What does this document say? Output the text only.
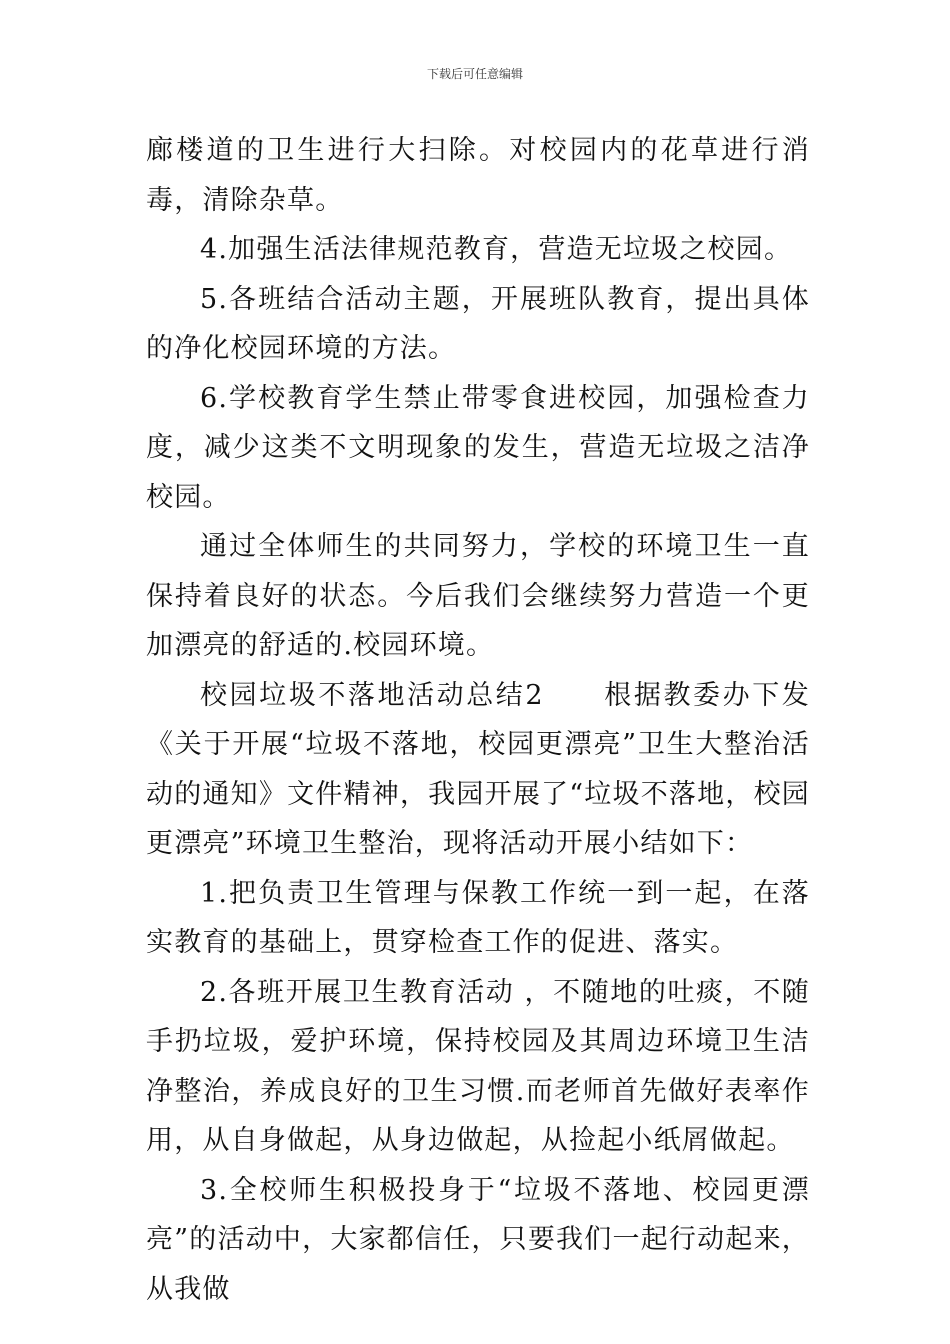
下载后可任意编辑

廊楼道的卫生进行大扫除。对校园内的花草进行消毒，清除杂草。

4.加强生活法律规范教育，营造无垃圾之校园。

5.各班结合活动主题，开展班队教育，提出具体的净化校园环境的方法。

6.学校教育学生禁止带零食进校园，加强检查力度，减少这类不文明现象的发生，营造无垃圾之洁净校园。

通过全体师生的共同努力，学校的环境卫生一直保持着良好的状态。今后我们会继续努力营造一个更加漂亮的舒适的.校园环境。

校园垃圾不落地活动总结2　　根据教委办下发《关于开展“垃圾不落地，校园更漂亮”卫生大整治活动的通知》文件精神，我园开展了“垃圾不落地，校园更漂亮”环境卫生整治，现将活动开展小结如下：

1.把负责卫生管理与保教工作统一到一起，在落实教育的基础上，贯穿检查工作的促进、落实。

2.各班开展卫生教育活动 ，不随地的吐痰，不随手扔垃圾，爱护环境，保持校园及其周边环境卫生洁净整治，养成良好的卫生习惯.而老师首先做好表率作用，从自身做起，从身边做起，从捡起小纸屑做起。

3.全校师生积极投身于“垃圾不落地、校园更漂亮”的活动中，大家都信任，只要我们一起行动起来，从我做
